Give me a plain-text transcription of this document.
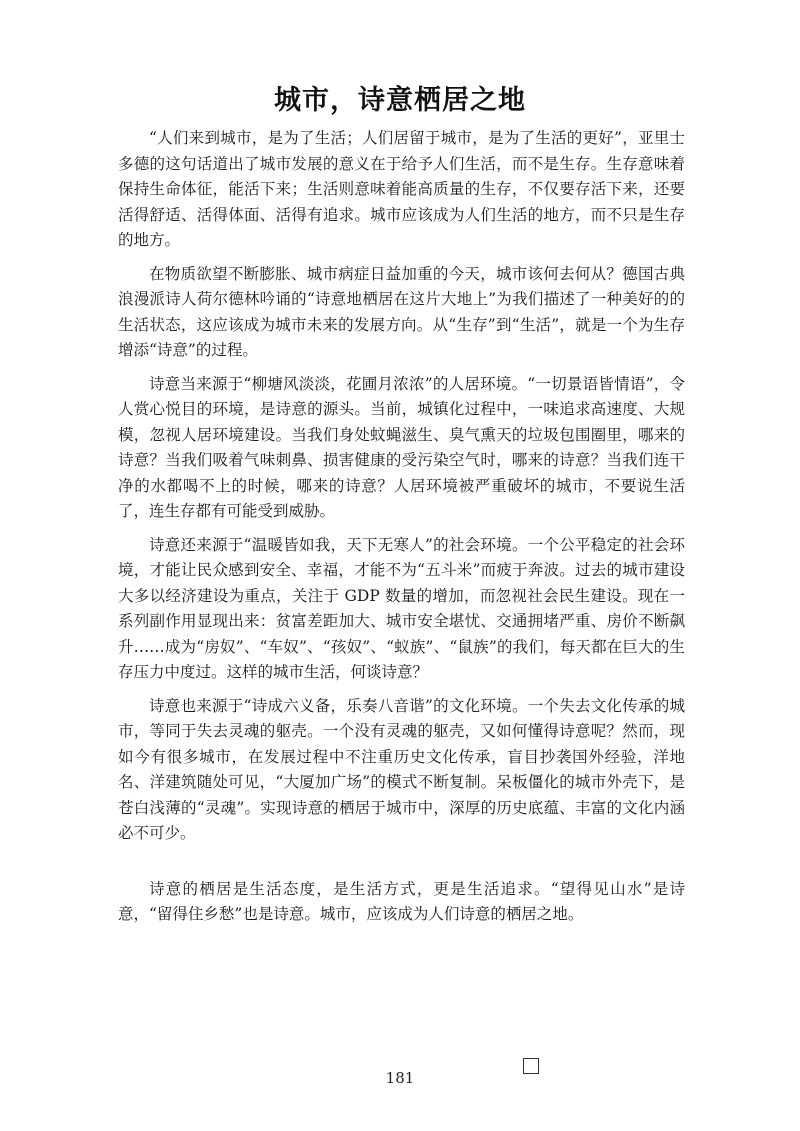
城市，诗意栖居之地

“人们来到城市，是为了生活；人们居留于城市，是为了生活的更好”，亚里士多德的这句话道出了城市发展的意义在于给予人们生活，而不是生存。生存意味着保持生命体征，能活下来；生活则意味着能高质量的生存，不仅要存活下来，还要活得舒适、活得体面、活得有追求。城市应该成为人们生活的地方，而不只是生存的地方。

在物质欲望不断膨胀、城市病症日益加重的今天，城市该何去何从？德国古典浪漫派诗人荷尔德林吟诵的“诗意地栖居在这片大地上”为我们描述了一种美好的的生活状态，这应该成为城市未来的发展方向。从“生存”到“生活”，就是一个为生存增添“诗意”的过程。

诗意当来源于“柳塘风淡淡，花圃月浓浓”的人居环境。“一切景语皆情语”，令人赏心悦目的环境，是诗意的源头。当前，城镇化过程中，一味追求高速度、大规模，忽视人居环境建设。当我们身处蚊蝇滋生、臭气熏天的垃圾包围圈里，哪来的诗意？当我们吸着气味刺鼻、损害健康的受污染空气时，哪来的诗意？当我们连干净的水都喝不上的时候，哪来的诗意？人居环境被严重破坏的城市，不要说生活了，连生存都有可能受到威胁。

诗意还来源于“温暖皆如我，天下无寒人”的社会环境。一个公平稳定的社会环境，才能让民众感到安全、幸福，才能不为“五斗米”而疲于奔波。过去的城市建设大多以经济建设为重点，关注于 GDP 数量的增加，而忽视社会民生建设。现在一系列副作用显现出来：贫富差距加大、城市安全堪忧、交通拥堵严重、房价不断飙升……成为“房奴”、“车奴”、“孩奴”、“蚁族”、“鼠族”的我们，每天都在巨大的生存压力中度过。这样的城市生活，何谈诗意？

诗意也来源于“诗成六义备，乐奏八音谐”的文化环境。一个失去文化传承的城市，等同于失去灵魂的躯壳。一个没有灵魂的躯壳，又如何懂得诗意呢？然而，现如今有很多城市，在发展过程中不注重历史文化传承，盲目抄袭国外经验，洋地名、洋建筑随处可见，“大厦加广场”的模式不断复制。呆板僵化的城市外壳下，是苍白浅薄的“灵魂”。实现诗意的栖居于城市中，深厚的历史底蕴、丰富的文化内涵必不可少。

诗意的栖居是生活态度，是生活方式，更是生活追求。“望得见山水”是诗意，“留得住乡愁”也是诗意。城市，应该成为人们诗意的栖居之地。

181
